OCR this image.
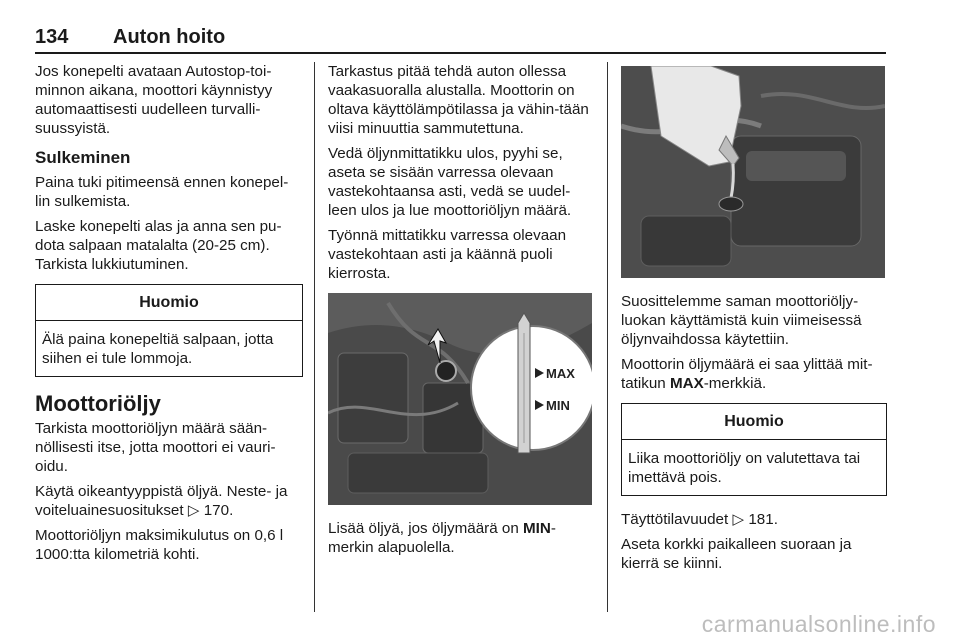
134 Auton hoito

Jos konepelti avataan Autostop-toi-minnon aikana, moottori käynnistyy automaattisesti uudelleen turvalli-suussyistä.

Sulkeminen

Paina tuki pitimeensä ennen konepel-lin sulkemista.

Laske konepelti alas ja anna sen pu-dota salpaan matalalta (20-25 cm). Tarkista lukkiutuminen.

Huomio
Älä paina konepeltiä salpaan, jotta siihen ei tule lommoja.
Moottoriöljy

Tarkista moottoriöljyn määrä sään-nöllisesti itse, jotta moottori ei vauri-oidu.

Käytä oikeantyyppistä öljyä. Neste- ja voiteluainesuositukset ▷ 170.

Moottoriöljyn maksimikulutus on 0,6 l 1000:tta kilometriä kohti.

Tarkastus pitää tehdä auton ollessa vaakasuoralla alustalla. Moottorin on oltava käyttölämpötilassa ja vähin-tään viisi minuuttia sammutettuna.

Vedä öljynmittatikku ulos, pyyhi se, aseta se sisään varressa olevaan vastekohtaansa asti, vedä se uudel-leen ulos ja lue moottoriöljyn määrä.

Työnnä mittatikku varressa olevaan vastekohtaan asti ja käännä puoli kierrosta.

MAX
MIN

Lisää öljyä, jos öljymäärä on MIN-merkin alapuolella.

Suosittelemme saman moottoriöljy-luokan käyttämistä kuin viimeisessä öljynvaihdossa käytettiin.

Moottorin öljymäärä ei saa ylittää mit-tatikun MAX-merkkiä.

Huomio
Liika moottoriöljy on valutettava tai imettävä pois.

Täyttötilavuudet ▷ 181.

Aseta korkki paikalleen suoraan ja kierrä se kiinni.

carmanualsonline.info
